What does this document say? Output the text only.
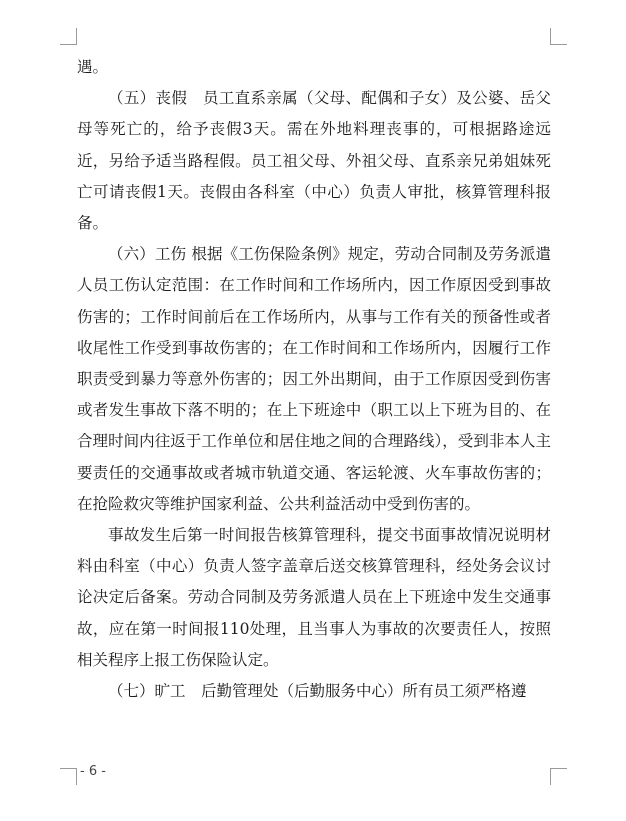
遇。

（五）丧假 员工直系亲属（父母、配偶和子女）及公婆、岳父母等死亡的，给予丧假3天。需在外地料理丧事的，可根据路途远近，另给予适当路程假。员工祖父母、外祖父母、直系亲兄弟姐妹死亡可请丧假1天。丧假由各科室（中心）负责人审批，核算管理科报备。

（六）工伤 根据《工伤保险条例》规定，劳动合同制及劳务派遣人员工伤认定范围：在工作时间和工作场所内，因工作原因受到事故伤害的；工作时间前后在工作场所内，从事与工作有关的预备性或者收尾性工作受到事故伤害的；在工作时间和工作场所内，因履行工作职责受到暴力等意外伤害的；因工外出期间，由于工作原因受到伤害或者发生事故下落不明的；在上下班途中（职工以上下班为目的、在合理时间内往返于工作单位和居住地之间的合理路线），受到非本人主要责任的交通事故或者城市轨道交通、客运轮渡、火车事故伤害的；在抢险救灾等维护国家利益、公共利益活动中受到伤害的。

事故发生后第一时间报告核算管理科，提交书面事故情况说明材料由科室（中心）负责人签字盖章后送交核算管理科，经处务会议讨论决定后备案。劳动合同制及劳务派遣人员在上下班途中发生交通事故，应在第一时间报110处理，且当事人为事故的次要责任人，按照相关程序上报工伤保险认定。

（七）旷工 后勤管理处（后勤服务中心）所有员工须严格遵

- 6 -
